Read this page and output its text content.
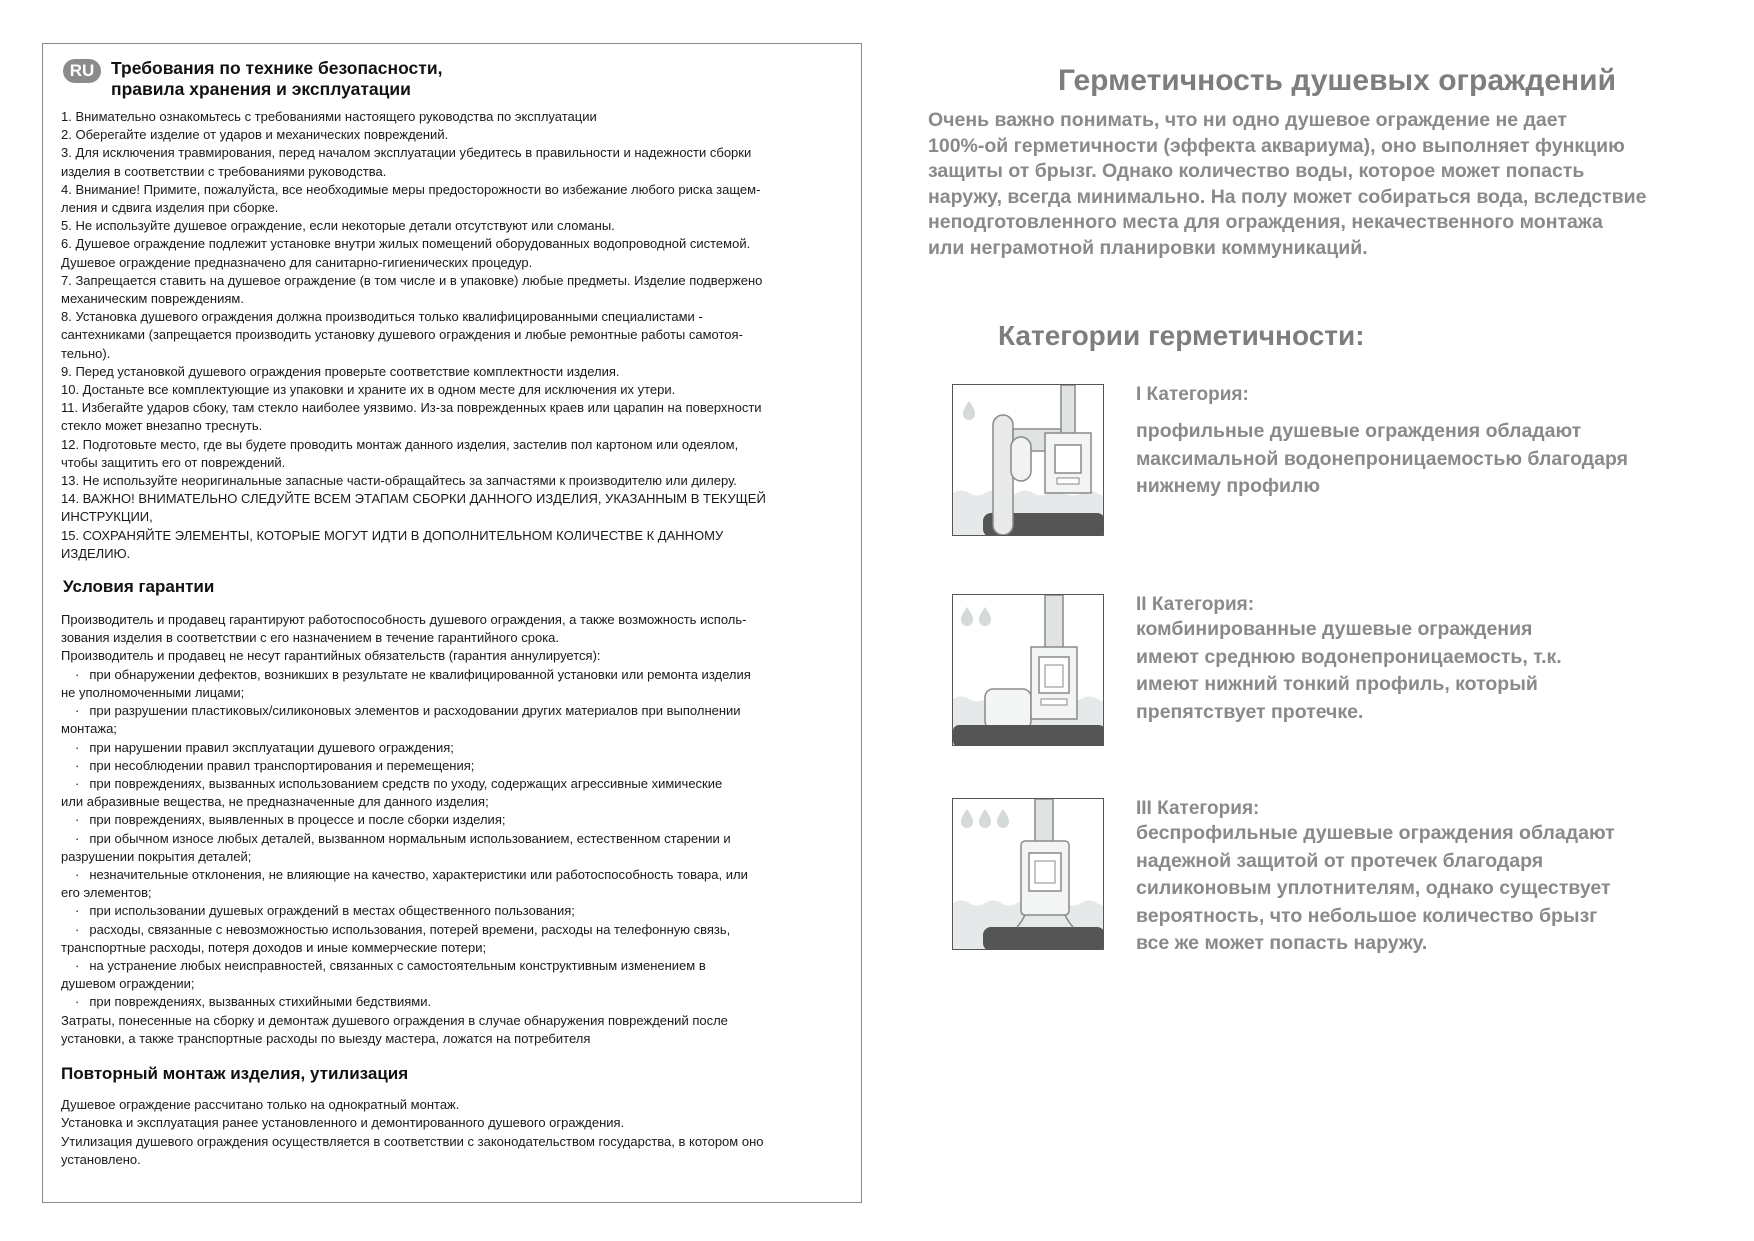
RU Требования по технике безопасности,
правила хранения и эксплуатации

1. Внимательно ознакомьтесь с требованиями настоящего руководства по эксплуатации

2. Оберегайте изделие от ударов и механических повреждений.

3. Для исключения травмирования, перед началом эксплуатации убедитесь в правильности и надежности сборки

изделия в соответствии с требованиями руководства.

4. Внимание! Примите, пожалуйста, все необходимые меры предосторожности во избежание любого риска защем-

ления и сдвига изделия при сборке.

5. Не используйте душевое ограждение, если некоторые детали отсутствуют или сломаны.

6. Душевое ограждение подлежит установке внутри жилых помещений оборудованных водопроводной системой.

Душевое ограждение предназначено для санитарно-гигиенических процедур.

7. Запрещается ставить на душевое ограждение (в том числе и в упаковке) любые предметы. Изделие подвержено

механическим повреждениям.

8. Установка душевого ограждения должна производиться только квалифицированными специалистами -

сантехниками (запрещается производить установку душевого ограждения и любые ремонтные работы самотоя-

тельно).

9. Перед установкой душевого ограждения проверьте соответствие комплектности изделия.

10. Достаньте все комплектующие из упаковки и храните их в одном месте для исключения их утери.

11. Избегайте ударов сбоку, там стекло наиболее уязвимо. Из-за поврежденных краев или царапин на поверхности

стекло может внезапно треснуть.

12. Подготовьте место, где вы будете проводить монтаж данного изделия, застелив пол картоном или одеялом,

чтобы защитить его от повреждений.

13. Не используйте неоригинальные запасные части-обращайтесь за запчастями к производителю или дилеру.

14. ВАЖНО! ВНИМАТЕЛЬНО СЛЕДУЙТЕ ВСЕМ ЭТАПАМ СБОРКИ ДАННОГО ИЗДЕЛИЯ, УКАЗАННЫМ В ТЕКУЩЕЙ

ИНСТРУКЦИИ,

15. СОХРАНЯЙТЕ ЭЛЕМЕНТЫ, КОТОРЫЕ МОГУТ ИДТИ В ДОПОЛНИТЕЛЬНОМ КОЛИЧЕСТВЕ К ДАННОМУ

ИЗДЕЛИЮ.

Условия гарантии

Производитель и продавец гарантируют работоспособность душевого ограждения, а также возможность исполь-

зования изделия в соответствии с его назначением в течение гарантийного срока.

Производитель и продавец не несут гарантийных обязательств (гарантия аннулируется):

· при обнаружении дефектов, возникших в результате не квалифицированной установки или ремонта изделия

не уполномоченными лицами;

· при разрушении пластиковых/силиконовых элементов и расходовании других материалов при выполнении

монтажа;

· при нарушении правил эксплуатации душевого ограждения;

· при несоблюдении правил транспортирования и перемещения;

· при повреждениях, вызванных использованием средств по уходу, содержащих агрессивные химические

или абразивные вещества, не предназначенные для данного изделия;

· при повреждениях, выявленных в процессе и после сборки изделия;

· при обычном износе любых деталей, вызванном нормальным использованием, естественном старении и

разрушении покрытия деталей;

· незначительные отклонения, не влияющие на качество, характеристики или работоспособность товара, или

его элементов;

· при использовании душевых ограждений в местах общественного пользования;

· расходы, связанные с невозможностью использования, потерей времени, расходы на телефонную связь,

транспортные расходы, потеря доходов и иные коммерческие потери;

· на устранение любых неисправностей, связанных с самостоятельным конструктивным изменением в

душевом ограждении;

· при повреждениях, вызванных стихийными бедствиями.

Затраты, понесенные на сборку и демонтаж душевого ограждения в случае обнаружения повреждений после

установки, а также транспортные расходы по выезду мастера, ложатся на потребителя

Повторный монтаж изделия, утилизация

Душевое ограждение рассчитано только на однократный монтаж.

Установка и эксплуатация ранее установленного и демонтированного душевого ограждения.

Утилизация душевого ограждения осуществляется в соответствии с законодательством государства, в котором оно

установлено.

Герметичность душевых ограждений

Очень важно понимать, что ни одно душевое ограждение не дает

100%-ой герметичности (эффекта аквариума), оно выполняет функцию

защиты от брызг. Однако количество воды, которое может попасть

наружу, всегда минимально. На полу может собираться вода, вследствие

неподготовленного места для ограждения, некачественного монтажа

или неграмотной планировки коммуникаций.

Категории герметичности:
I Категория:

профильные душевые ограждения обладают

максимальной водонепроницаемостью благодаря

нижнему профилю

II Категория:

комбинированные душевые ограждения

имеют среднюю водонепроницаемость, т.к.

имеют нижний тонкий профиль, который

препятствует протечке.

III Категория:

беспрофильные душевые ограждения обладают

надежной защитой от протечек благодаря

силиконовым уплотнителям, однако существует

вероятность, что небольшое количество брызг

все же может попасть наружу.
